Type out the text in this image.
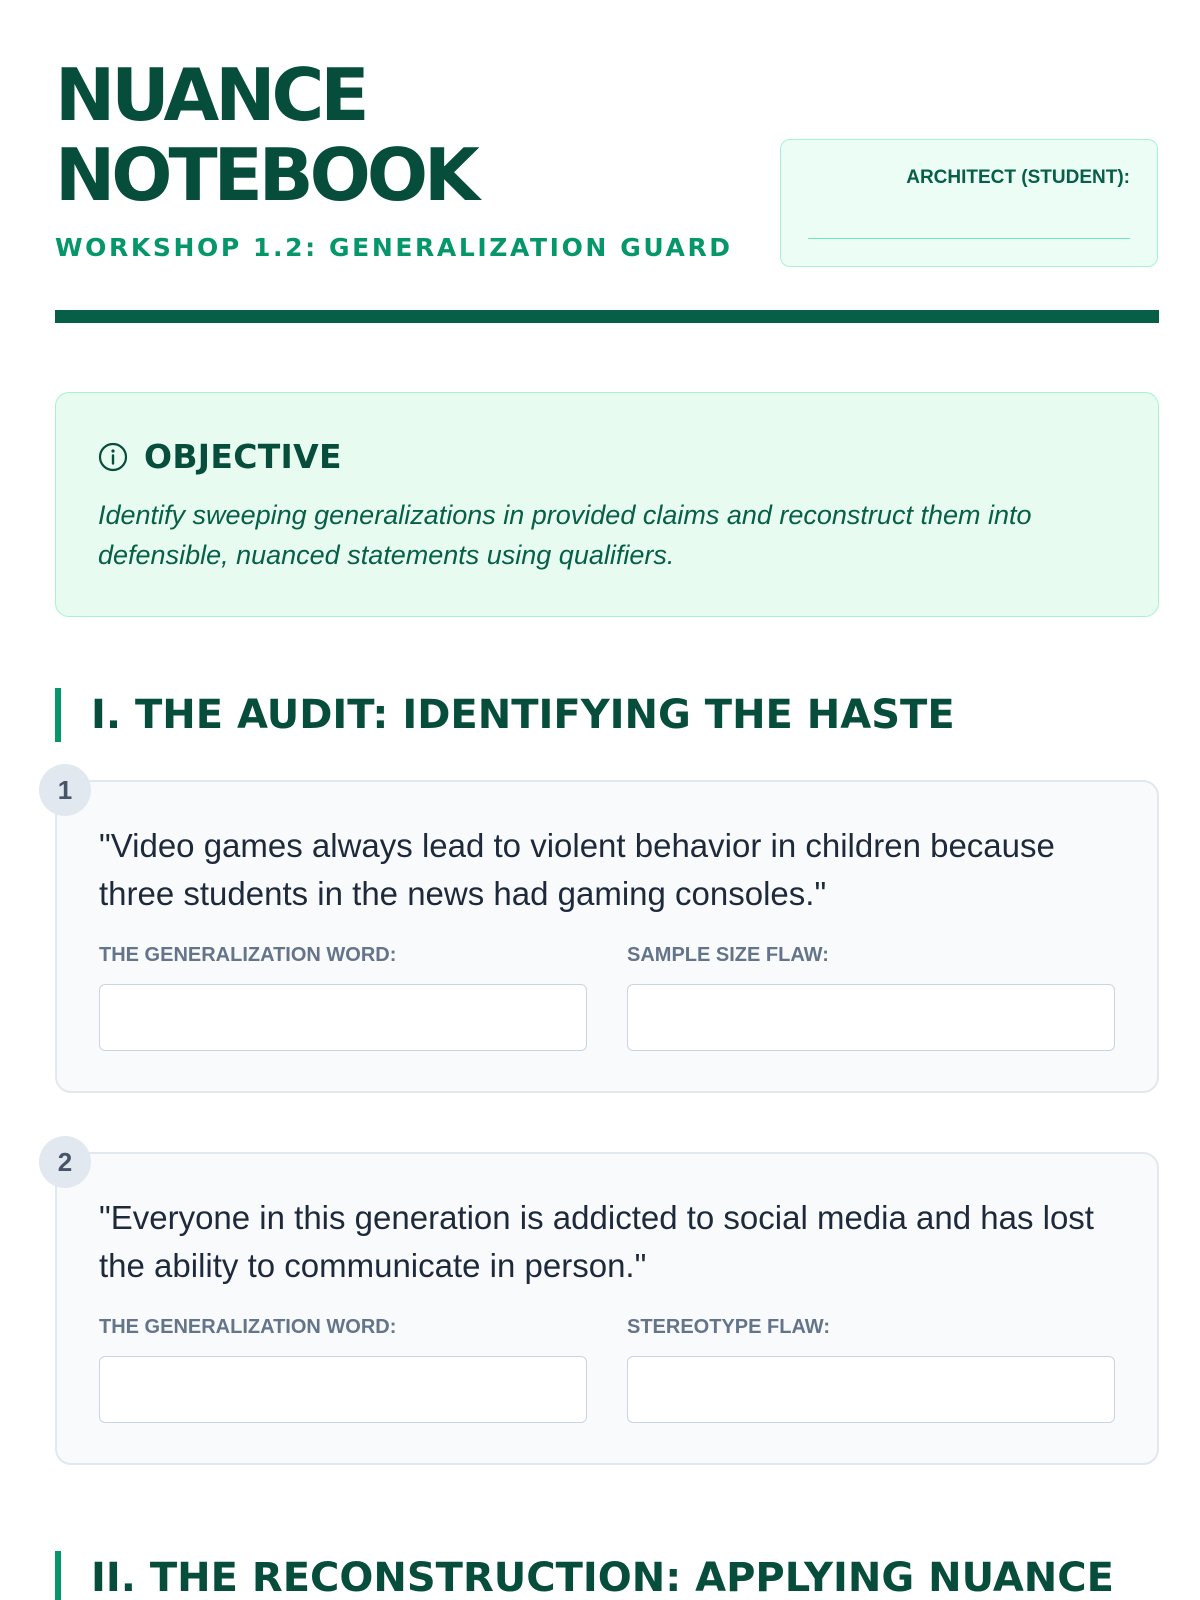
NUANCE
NOTEBOOK
WORKSHOP 1.2: GENERALIZATION GUARD
ARCHITECT (STUDENT):
OBJECTIVE
Identify sweeping generalizations in provided claims and reconstruct them into defensible, nuanced statements using qualifiers.
I. THE AUDIT: IDENTIFYING THE HASTE
1
"Video games always lead to violent behavior in children because three students in the news had gaming consoles."
THE GENERALIZATION WORD:	SAMPLE SIZE FLAW:
2
"Everyone in this generation is addicted to social media and has lost the ability to communicate in person."
THE GENERALIZATION WORD:	STEREOTYPE FLAW:
II. THE RECONSTRUCTION: APPLYING NUANCE
